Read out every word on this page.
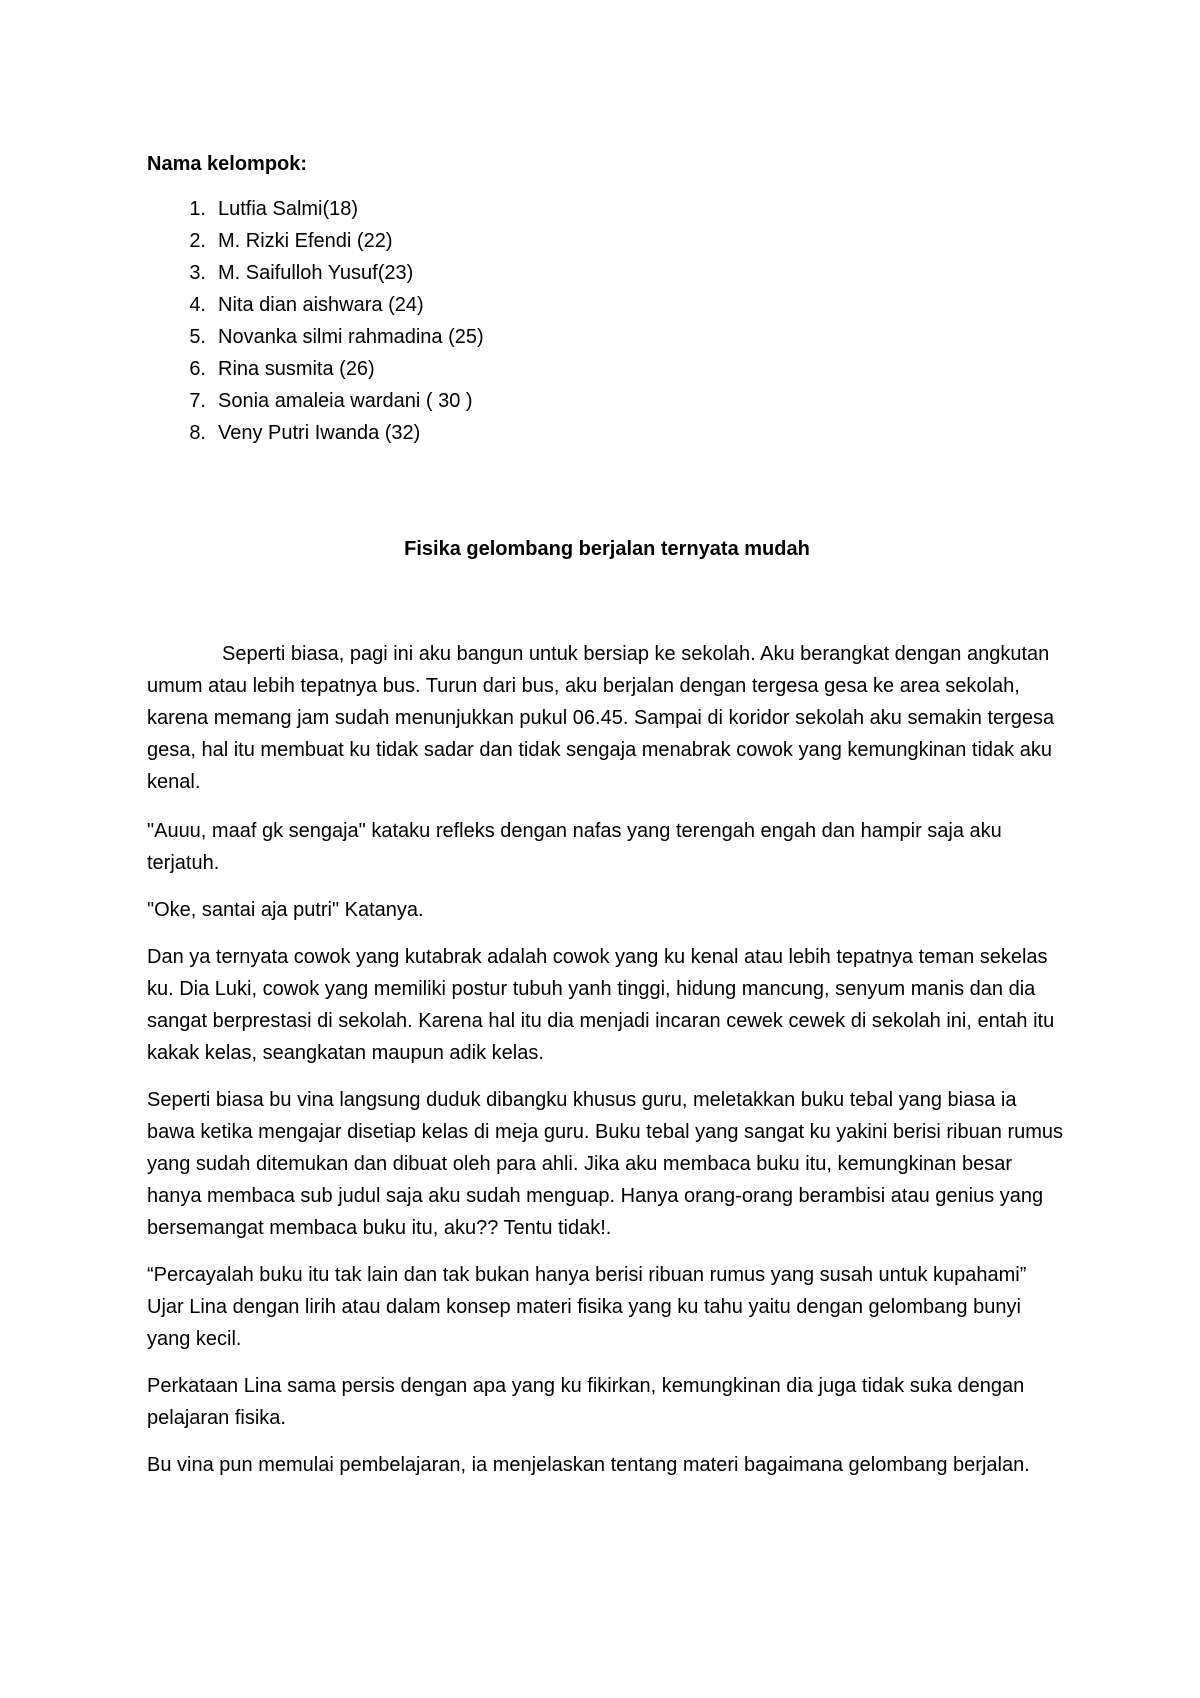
Nama kelompok:
1. Lutfia Salmi(18)
2. M. Rizki Efendi (22)
3. M. Saifulloh Yusuf(23)
4. Nita dian aishwara (24)
5. Novanka silmi rahmadina (25)
6. Rina susmita (26)
7. Sonia amaleia wardani ( 30 )
8. Veny Putri Iwanda (32)
Fisika gelombang berjalan ternyata mudah

Seperti biasa, pagi ini aku bangun untuk bersiap ke sekolah. Aku berangkat dengan angkutan umum atau lebih tepatnya bus. Turun dari bus, aku berjalan dengan tergesa gesa ke area sekolah, karena memang jam sudah menunjukkan pukul 06.45. Sampai di koridor sekolah aku semakin tergesa gesa, hal itu membuat ku tidak sadar dan tidak sengaja menabrak cowok yang kemungkinan tidak aku kenal.

"Auuu, maaf gk sengaja" kataku refleks dengan nafas yang terengah engah dan hampir saja aku terjatuh.

"Oke, santai aja putri" Katanya.

Dan ya ternyata cowok yang kutabrak adalah cowok yang ku kenal atau lebih tepatnya teman sekelas ku. Dia Luki, cowok yang memiliki postur tubuh yanh tinggi, hidung mancung, senyum manis dan dia sangat berprestasi di sekolah. Karena hal itu dia menjadi incaran cewek cewek di sekolah ini, entah itu kakak kelas, seangkatan maupun adik kelas.

Seperti biasa bu vina langsung duduk dibangku khusus guru, meletakkan buku tebal yang biasa ia bawa ketika mengajar disetiap kelas di meja guru. Buku tebal yang sangat ku yakini berisi ribuan rumus yang sudah ditemukan dan dibuat oleh para ahli. Jika aku membaca buku itu, kemungkinan besar hanya membaca sub judul saja aku sudah menguap. Hanya orang-orang berambisi atau genius yang bersemangat membaca buku itu, aku?? Tentu tidak!.

“Percayalah buku itu tak lain dan tak bukan hanya berisi ribuan rumus yang susah untuk kupahami” Ujar Lina dengan lirih atau dalam konsep materi fisika yang ku tahu yaitu dengan gelombang bunyi yang kecil.

Perkataan Lina sama persis dengan apa yang ku fikirkan, kemungkinan dia juga tidak suka dengan pelajaran fisika.

Bu vina pun memulai pembelajaran, ia menjelaskan tentang materi bagaimana gelombang berjalan.
